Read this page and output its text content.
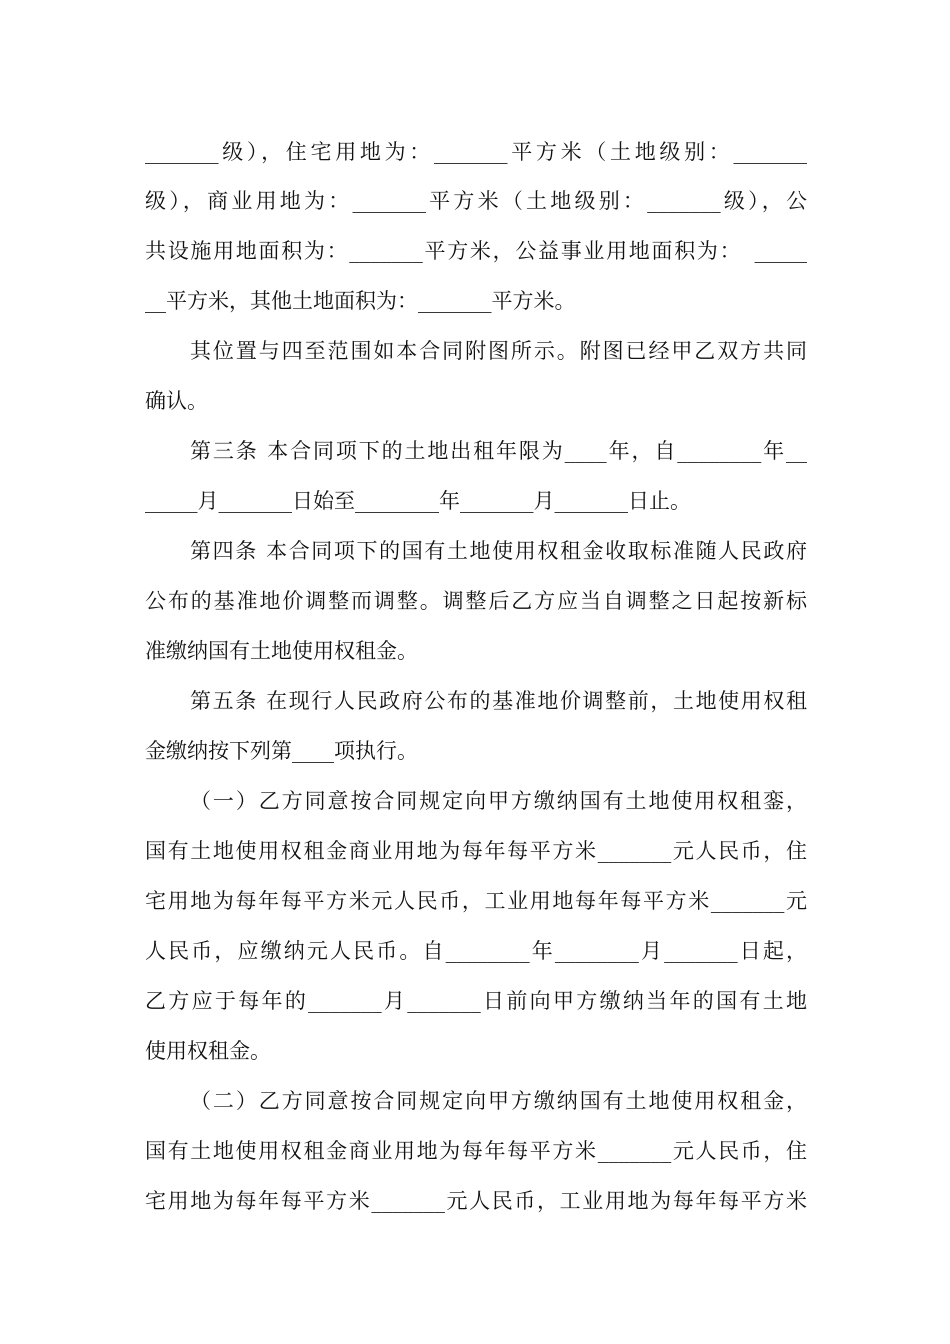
_______级），住宅用地为：_______平方米（土地级别：_______
级），商业用地为：_______平方米（土地级别：_______级），公
共设施用地面积为：_______平方米，公益事业用地面积为：　_____
__平方米，其他土地面积为：_______平方米。
其位置与四至范围如本合同附图所示。附图已经甲乙双方共同
确认。
第三条 本合同项下的土地出租年限为____年，自________年__
_____月_______日始至________年_______月_______日止。
第四条 本合同项下的国有土地使用权租金收取标准随人民政府
公布的基准地价调整而调整。调整后乙方应当自调整之日起按新标
准缴纳国有土地使用权租金。
第五条 在现行人民政府公布的基准地价调整前，土地使用权租
金缴纳按下列第____项执行。
（一）乙方同意按合同规定向甲方缴纳国有土地使用权租銮，
国有土地使用权租金商业用地为每年每平方米_______元人民币，住
宅用地为每年每平方米元人民币，工业用地每年每平方米_______元
人民币，应缴纳元人民币。自________年________月_______日起，
乙方应于每年的_______月_______日前向甲方缴纳当年的国有土地
使用权租金。
（二）乙方同意按合同规定向甲方缴纳国有土地使用权租金，
国有土地使用权租金商业用地为每年每平方米_______元人民币，住
宅用地为每年每平方米_______元人民币，工业用地为每年每平方米
